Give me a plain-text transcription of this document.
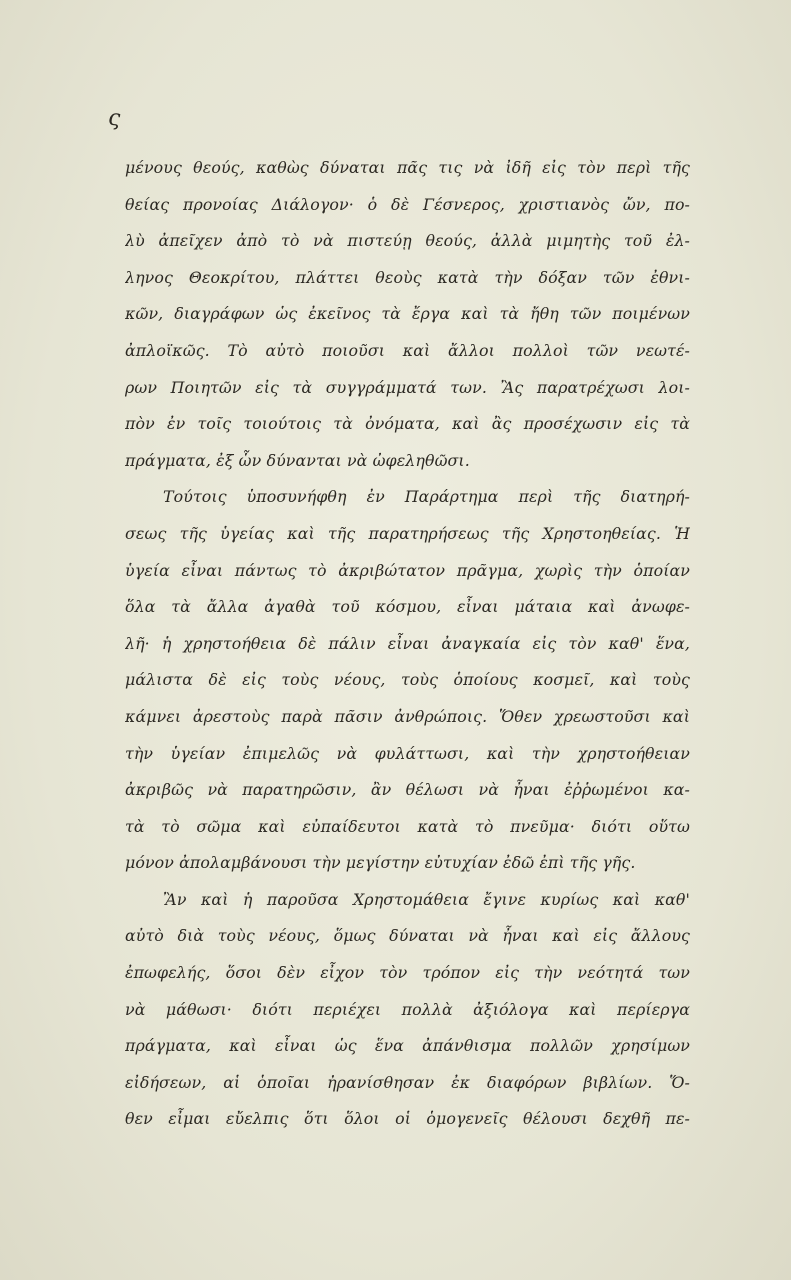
ς
μένους θεούς, καθὼς δύναται πᾶς τις νὰ ἰδῆ εἰς τὸν περὶ τῆς
θείας προνοίας Διάλογον· ὁ δὲ Γέσνερος, χριστιανὸς ὤν, πο-
λὺ ἀπεῖχεν ἀπὸ τὸ νὰ πιστεύῃ θεούς, ἀλλὰ μιμητὴς τοῦ ἐλ-
ληνος Θεοκρίτου, πλάττει θεοὺς κατὰ τὴν δόξαν τῶν ἐθνι-
κῶν, διαγράφων ὡς ἐκεῖνος τὰ ἔργα καὶ τὰ ἤθη τῶν ποιμένων
ἀπλοϊκῶς. Τὸ αὐτὸ ποιοῦσι καὶ ἄλλοι πολλοὶ τῶν νεωτέ-
ρων Ποιητῶν εἰς τὰ συγγράμματά των. Ἂς παρατρέχωσι λοι-
πὸν ἐν τοῖς τοιούτοις τὰ ὀνόματα, καὶ ἂς προσέχωσιν εἰς τὰ
πράγματα, ἐξ ὧν δύνανται νὰ ὠφεληθῶσι.
Τούτοις ὑποσυνήφθη ἐν Παράρτημα περὶ τῆς διατηρή-
σεως τῆς ὑγείας καὶ τῆς παρατηρήσεως τῆς Χρηστοηθείας. Ἡ
ὑγεία εἶναι πάντως τὸ ἀκριβώτατον πρᾶγμα, χωρὶς τὴν ὁποίαν
ὅλα τὰ ἄλλα ἀγαθὰ τοῦ κόσμου, εἶναι μάταια καὶ ἀνωφε-
λῆ· ἡ χρηστοήθεια δὲ πάλιν εἶναι ἀναγκαία εἰς τὸν καθ' ἕνα,
μάλιστα δὲ εἰς τοὺς νέους, τοὺς ὁποίους κοσμεῖ, καὶ τοὺς
κάμνει ἀρεστοὺς παρὰ πᾶσιν ἀνθρώποις. Ὅθεν χρεωστοῦσι καὶ
τὴν ὑγείαν ἐπιμελῶς νὰ φυλάττωσι, καὶ τὴν χρηστοήθειαν
ἀκριβῶς νὰ παρατηρῶσιν, ἂν θέλωσι νὰ ἦναι ἐῤῥωμένοι κα-
τὰ τὸ σῶμα καὶ εὐπαίδευτοι κατὰ τὸ πνεῦμα· διότι οὕτω
μόνον ἀπολαμβάνουσι τὴν μεγίστην εὐτυχίαν ἐδῶ ἐπὶ τῆς γῆς.
Ἂν καὶ ἡ παροῦσα Χρηστομάθεια ἔγινε κυρίως καὶ καθ'
αὐτὸ διὰ τοὺς νέους, ὅμως δύναται νὰ ἦναι καὶ εἰς ἄλλους
ἐπωφελής, ὅσοι δὲν εἶχον τὸν τρόπον εἰς τὴν νεότητά των
νὰ μάθωσι· διότι περιέχει πολλὰ ἀξιόλογα καὶ περίεργα
πράγματα, καὶ εἶναι ὡς ἕνα ἀπάνθισμα πολλῶν χρησίμων
εἰδήσεων, αἱ ὁποῖαι ἠρανίσθησαν ἐκ διαφόρων βιβλίων. Ὅ-
θεν εἶμαι εὔελπις ὅτι ὅλοι οἱ ὁμογενεῖς θέλουσι δεχθῆ πε-
